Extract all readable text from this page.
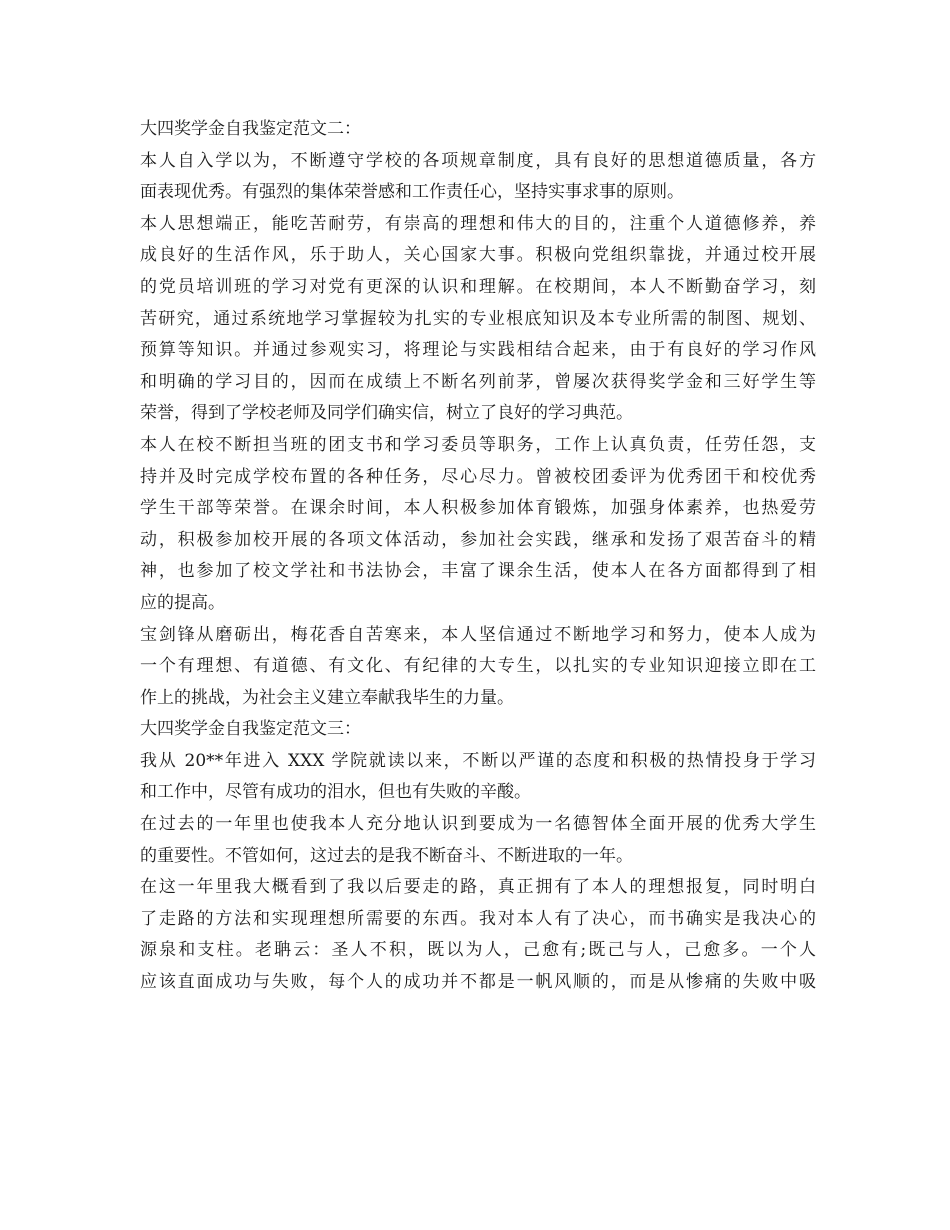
大四奖学金自我鉴定范文二：
本人自入学以为，不断遵守学校的各项规章制度，具有良好的思想道德质量，各方
面表现优秀。有强烈的集体荣誉感和工作责任心，坚持实事求事的原则。
本人思想端正，能吃苦耐劳，有崇高的理想和伟大的目的，注重个人道德修养，养
成良好的生活作风，乐于助人，关心国家大事。积极向党组织靠拢，并通过校开展
的党员培训班的学习对党有更深的认识和理解。在校期间，本人不断勤奋学习，刻
苦研究，通过系统地学习掌握较为扎实的专业根底知识及本专业所需的制图、规划、
预算等知识。并通过参观实习，将理论与实践相结合起来，由于有良好的学习作风
和明确的学习目的，因而在成绩上不断名列前茅，曾屡次获得奖学金和三好学生等
荣誉，得到了学校老师及同学们确实信，树立了良好的学习典范。
本人在校不断担当班的团支书和学习委员等职务，工作上认真负责，任劳任怨，支
持并及时完成学校布置的各种任务，尽心尽力。曾被校团委评为优秀团干和校优秀
学生干部等荣誉。在课余时间，本人积极参加体育锻炼，加强身体素养，也热爱劳
动，积极参加校开展的各项文体活动，参加社会实践，继承和发扬了艰苦奋斗的精
神，也参加了校文学社和书法协会，丰富了课余生活，使本人在各方面都得到了相
应的提高。
宝剑锋从磨砺出，梅花香自苦寒来，本人坚信通过不断地学习和努力，使本人成为
一个有理想、有道德、有文化、有纪律的大专生，以扎实的专业知识迎接立即在工
作上的挑战，为社会主义建立奉献我毕生的力量。
大四奖学金自我鉴定范文三：
我从 20**年进入 XXX 学院就读以来，不断以严谨的态度和积极的热情投身于学习
和工作中，尽管有成功的泪水，但也有失败的辛酸。
在过去的一年里也使我本人充分地认识到要成为一名德智体全面开展的优秀大学生
的重要性。不管如何，这过去的是我不断奋斗、不断进取的一年。
在这一年里我大概看到了我以后要走的路，真正拥有了本人的理想报复，同时明白
了走路的方法和实现理想所需要的东西。我对本人有了决心，而书确实是我决心的
源泉和支柱。老聃云：圣人不积，既以为人，己愈有;既己与人，己愈多。一个人
应该直面成功与失败，每个人的成功并不都是一帆风顺的，而是从惨痛的失败中吸
